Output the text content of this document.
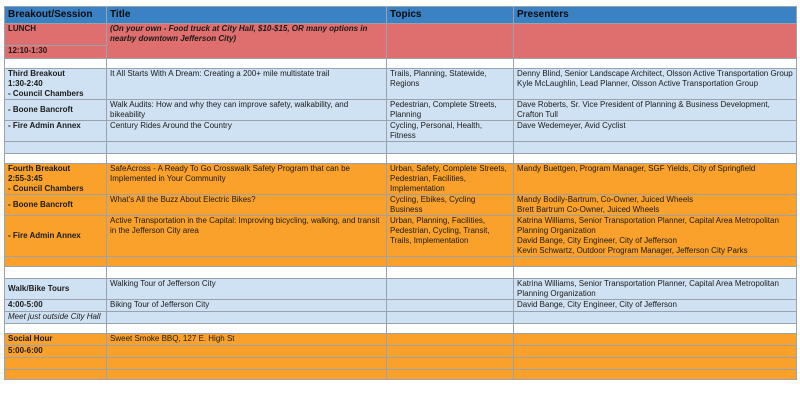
Breakout/Session	Title	Topics	Presenters
LUNCH	(On your own - Food truck at City Hall, $10-$15, OR many options in nearby downtown Jefferson City)		
12:10-1:30			

Third Breakout
1:30-2:40
- Council Chambers	It All Starts With A Dream: Creating a 200+ mile multistate trail	Trails, Planning, Statewide, Regions	Denny Blind, Senior Landscape Architect, Olsson Active Transportation Group
Kyle McLaughlin, Lead Planner, Olsson Active Transportation Group

- Boone Bancroft	Walk Audits: How and why they can improve safety, walkability, and bikeability	Pedestrian, Complete Streets, Planning	Dave Roberts, Sr. Vice President of Planning & Business Development, Crafton Tull
- Fire Admin Annex	Century Rides Around the Country	Cycling, Personal, Health, Fitness	Dave Wedemeyer, Avid Cyclist

Fourth Breakout
2:55-3:45
- Council Chambers	SafeAcross - A Ready To Go Crosswalk Safety Program that can be Implemented in Your Community	Urban, Safety, Complete Streets, Pedestrian, Facilities, Implementation	Mandy Buettgen, Program Manager, SGF Yields, City of Springfield
- Boone Bancroft	What's All the Buzz About Electric Bikes?	Cycling, Ebikes, Cycling Business	Mandy Bodily-Bartrum, Co-Owner, Juiced Wheels
Brett Bartrum Co-Owner, Juiced Wheels

- Fire Admin Annex	Active Transportation in the Capital: Improving bicycling, walking, and transit in the Jefferson City area	Urban, Planning, Facilities, Pedestrian, Cycling, Transit, Trails, Implementation	Katrina Williams, Senior Transportation Planner, Capital Area Metropolitan Planning Organization
David Bange, City Engineer, City of Jefferson
Kevin Schwartz, Outdoor Program Manager, Jefferson City Parks

Walk/Bike Tours	Walking Tour of Jefferson City		Katrina Williams, Senior Transportation Planner, Capital Area Metropolitan Planning Organization
4:00-5:00	Biking Tour of Jefferson City		David Bange, City Engineer, City of Jefferson
Meet just outside City Hall			

Social Hour	Sweet Smoke BBQ, 127 E. High St		
5:00-6:00			
